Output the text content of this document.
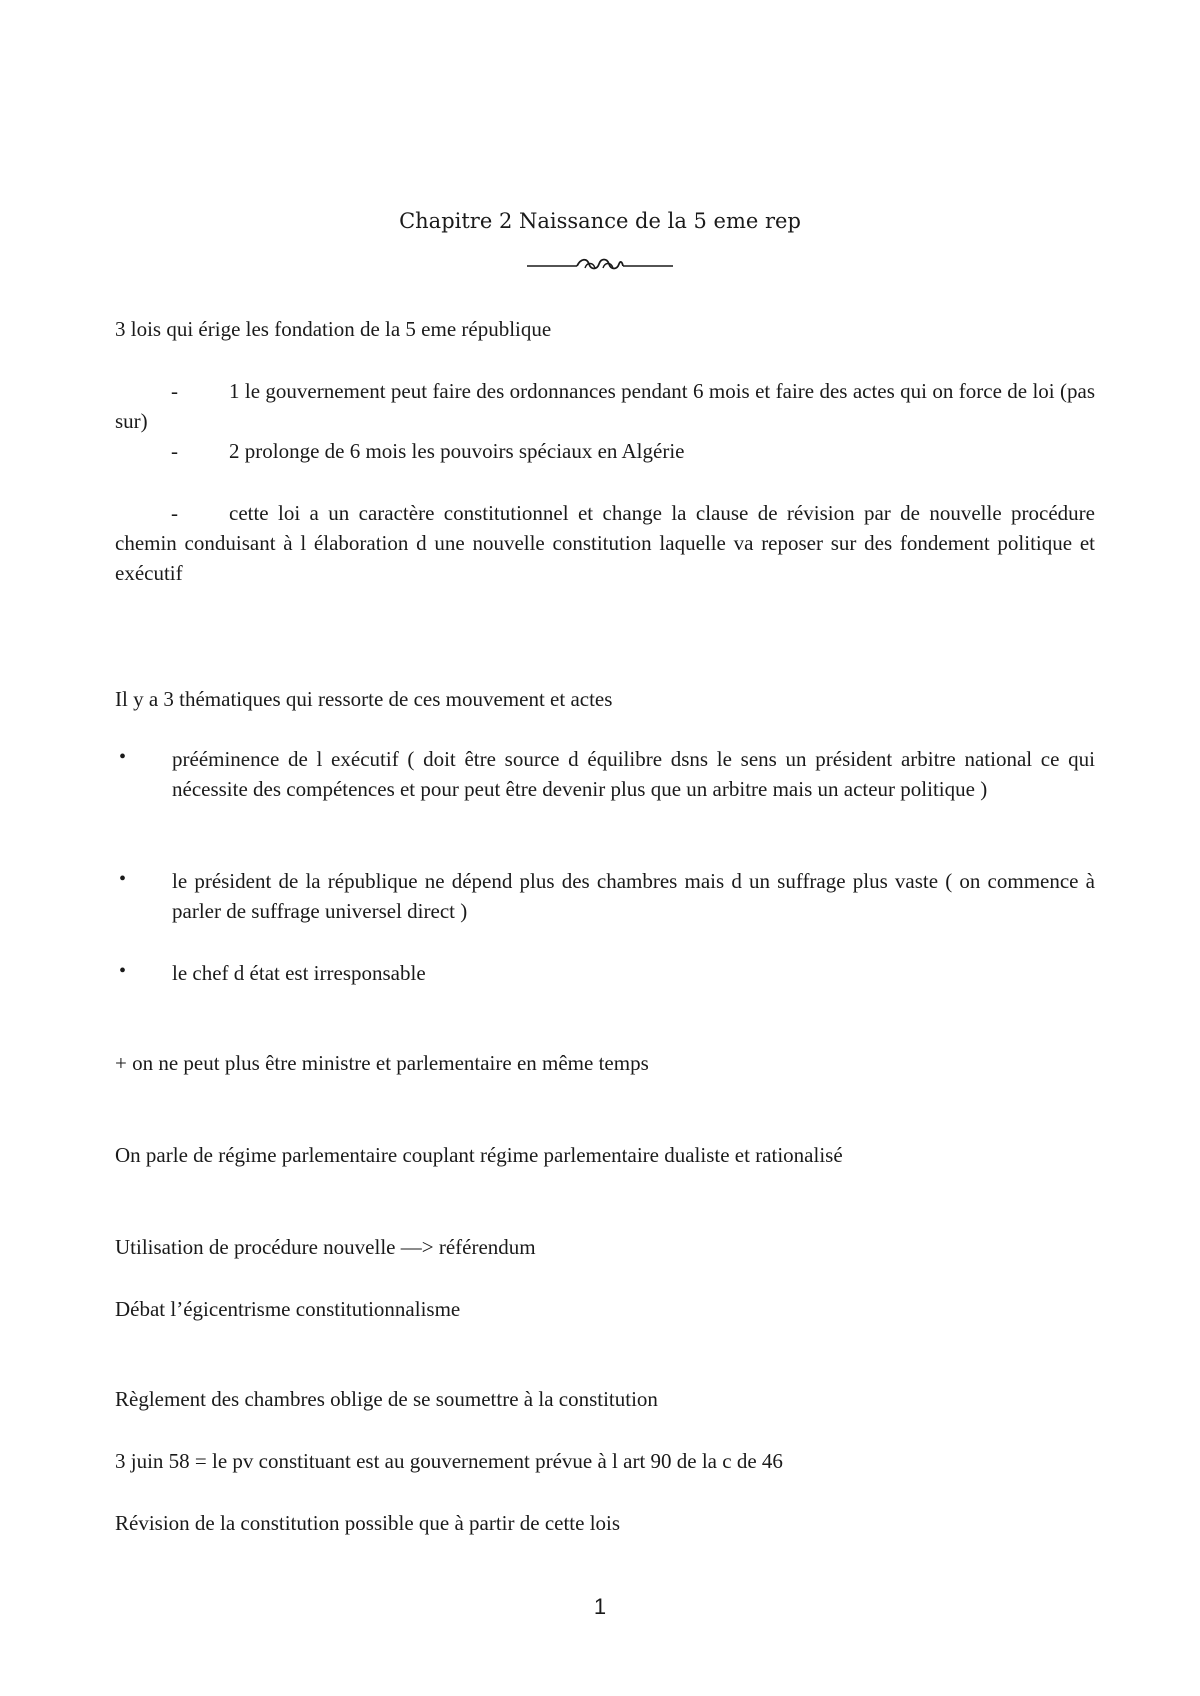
Chapitre 2 Naissance de la 5 eme rep
3 lois qui érige les fondation de la 5 eme république
-	1 le gouvernement peut faire des ordonnances pendant 6 mois et faire des actes qui on force de loi (pas sur)

-	2 prolonge de 6 mois les pouvoirs spéciaux en Algérie

-	cette loi a un caractère constitutionnel et change la clause de révision par de nouvelle procédure chemin conduisant à l élaboration d une nouvelle constitution laquelle va reposer sur des fondement politique et exécutif

Il y a 3 thématiques qui ressorte de ces mouvement et actes
• prééminence de l exécutif ( doit être source d équilibre dsns le sens un président arbitre national ce qui nécessite des compétences et pour peut être devenir plus que un arbitre mais un acteur politique )

• le président de la république ne dépend plus des chambres mais d un suffrage plus vaste ( on commence à parler de suffrage universel direct )

• le chef d état est irresponsable

+ on ne peut plus être ministre et parlementaire en même temps
On parle de régime parlementaire couplant régime parlementaire dualiste et rationalisé
Utilisation de procédure nouvelle —> référendum
Débat l’égicentrisme constitutionnalisme
Règlement des chambres oblige de se soumettre à la constitution
3 juin 58 = le pv constituant est au gouvernement prévue à l art 90 de la c de 46
Révision de la constitution possible que à partir de cette lois
1
